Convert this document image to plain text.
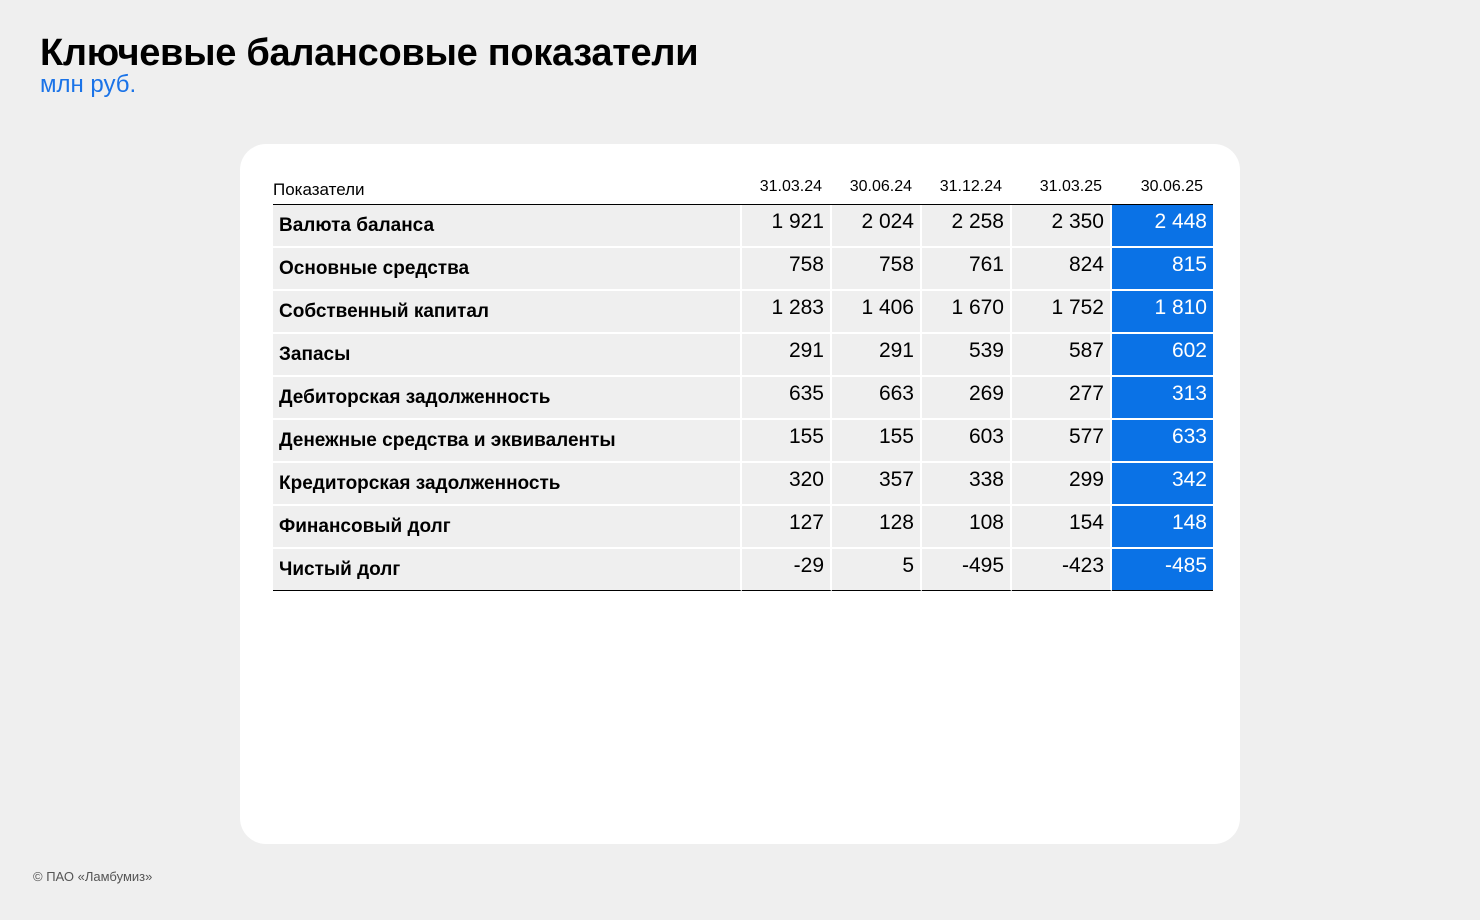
Ключевые балансовые показатели

млн руб.

Показатели	31.03.24	30.06.24	31.12.24	31.03.25	30.06.25
Валюта баланса	1 921	2 024	2 258	2 350	2 448
Основные средства	758	758	761	824	815
Собственный капитал	1 283	1 406	1 670	1 752	1 810
Запасы	291	291	539	587	602
Дебиторская задолженность	635	663	269	277	313
Денежные средства и эквиваленты	155	155	603	577	633
Кредиторская задолженность	320	357	338	299	342
Финансовый долг	127	128	108	154	148
Чистый долг	-29	5	-495	-423	-485

© ПАО «Ламбумиз»
